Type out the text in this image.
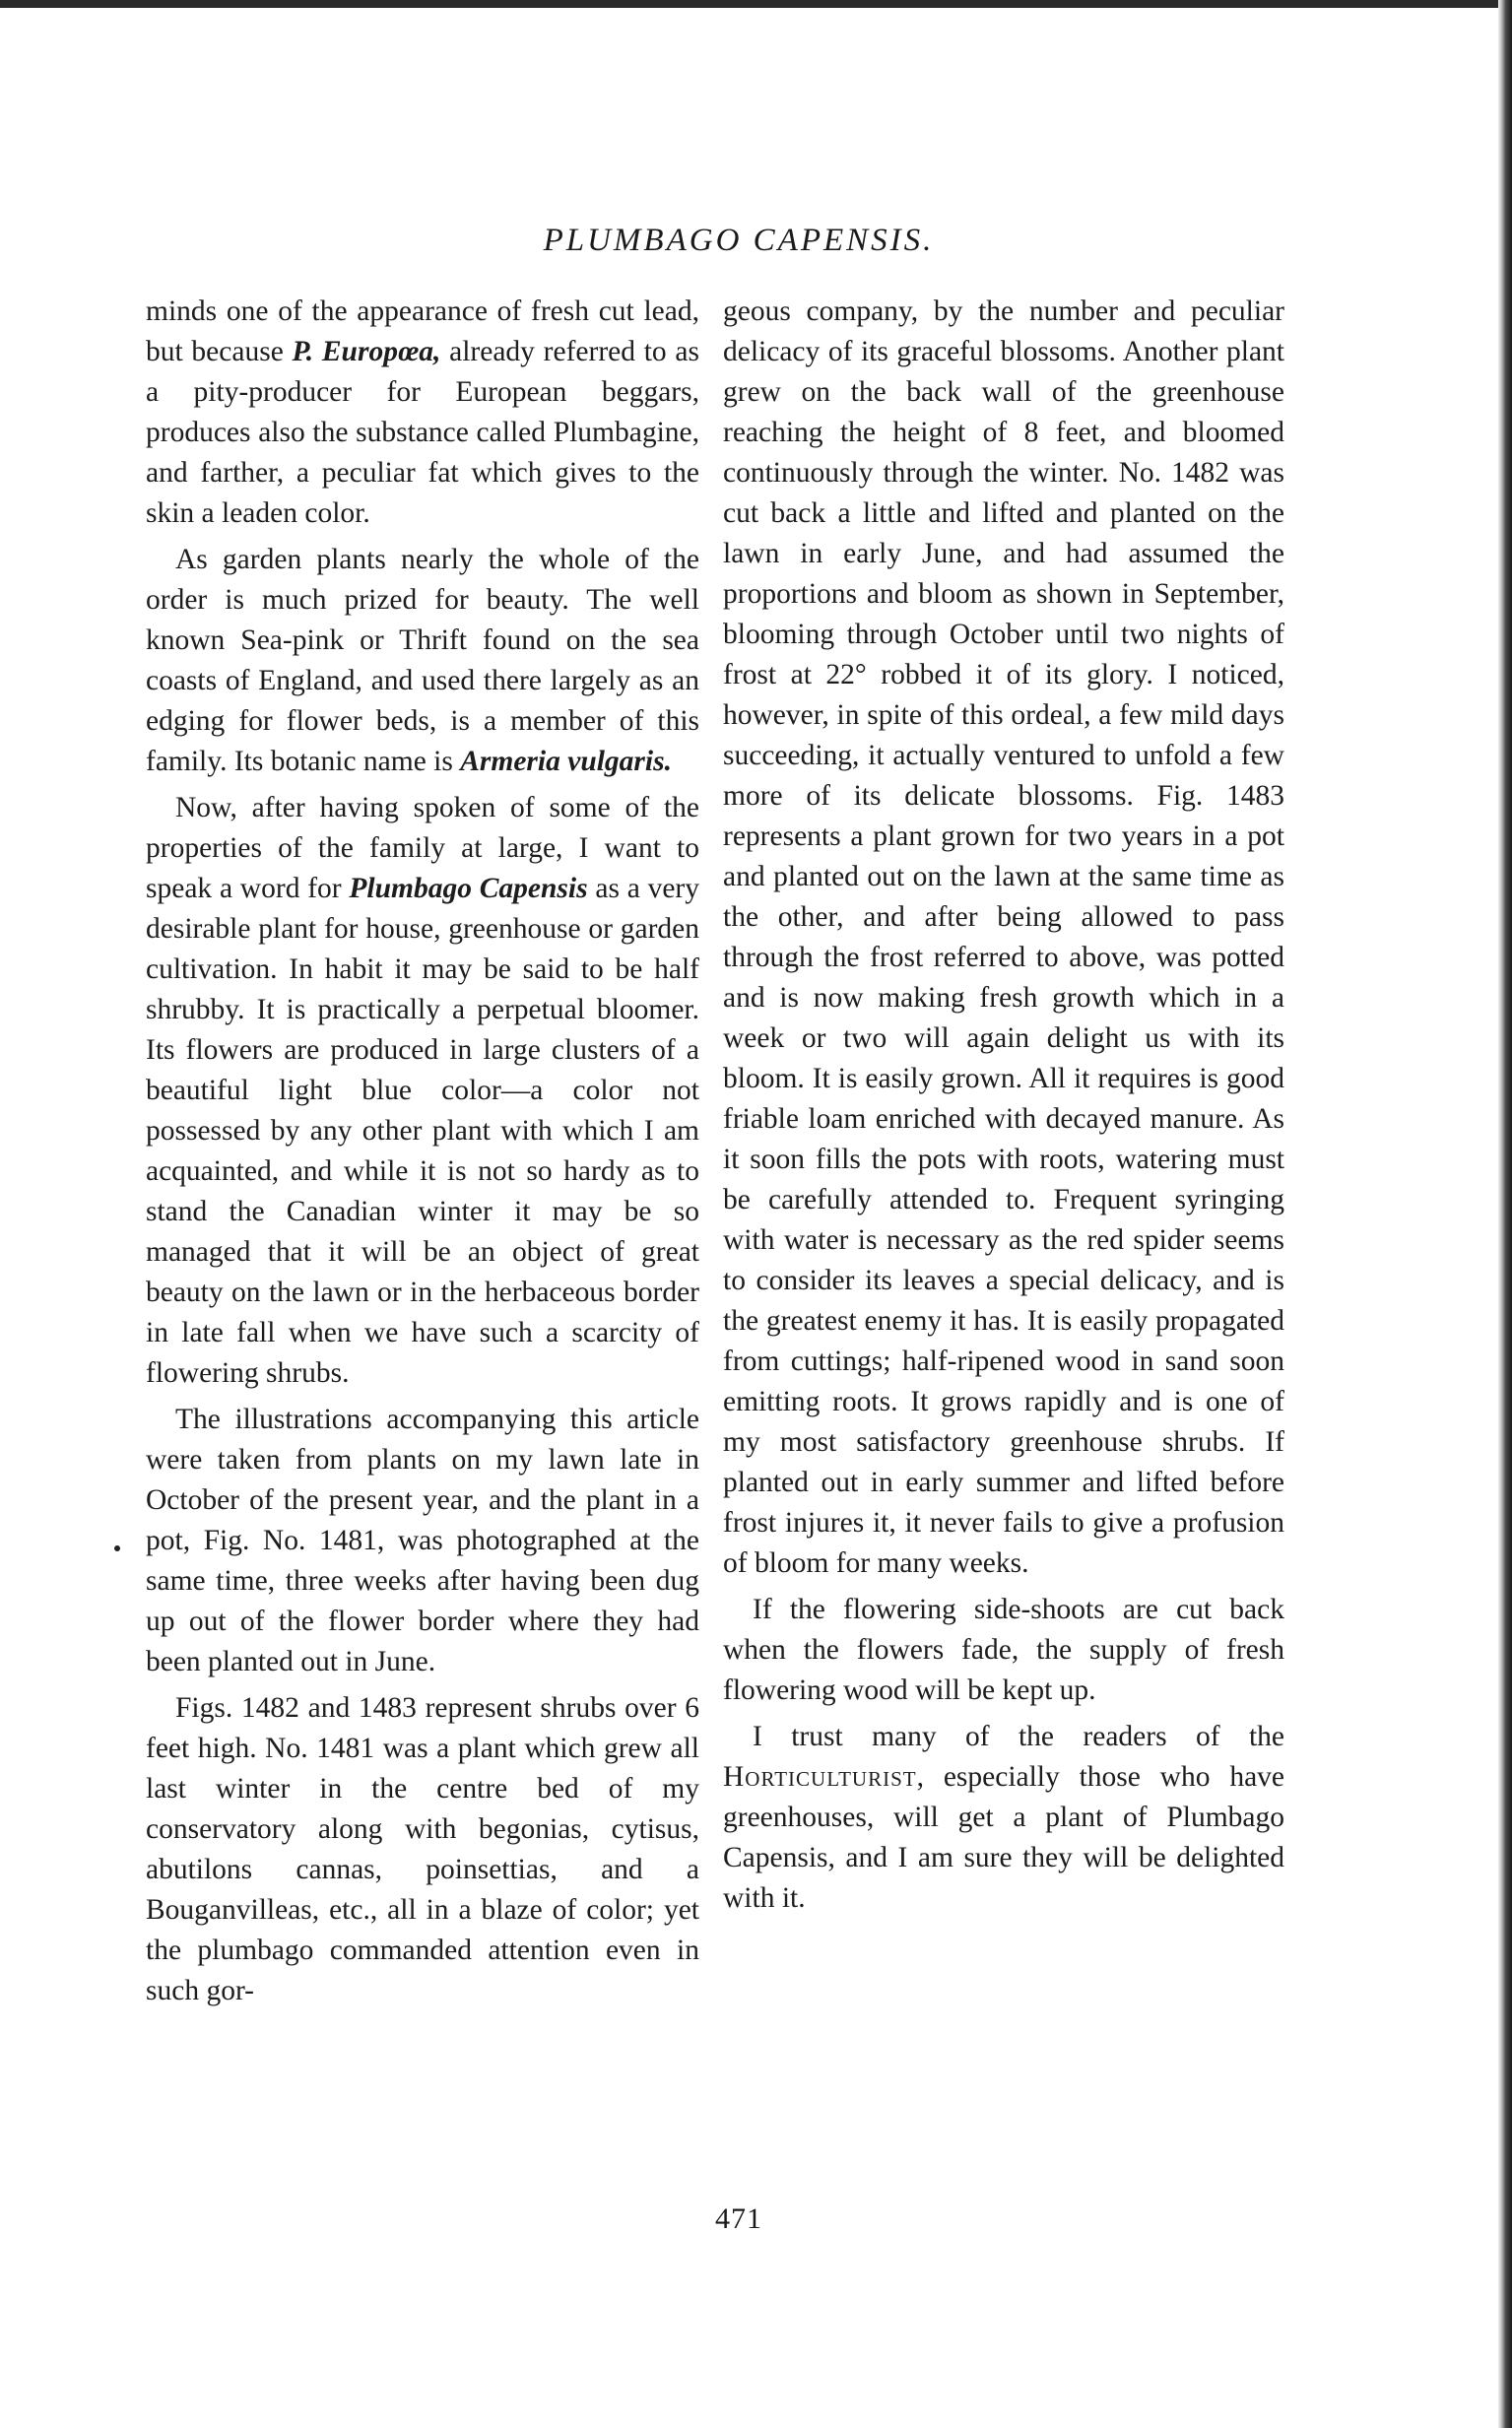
PLUMBAGO CAPENSIS.

minds one of the appearance of fresh cut lead, but because P. Europœa, already referred to as a pity-producer for European beggars, produces also the substance called Plumbagine, and farther, a peculiar fat which gives to the skin a leaden color.

As garden plants nearly the whole of the order is much prized for beauty. The well known Sea-pink or Thrift found on the sea coasts of England, and used there largely as an edging for flower beds, is a member of this family. Its botanic name is Armeria vulgaris.

Now, after having spoken of some of the properties of the family at large, I want to speak a word for Plumbago Capensis as a very desirable plant for house, greenhouse or garden cultivation. In habit it may be said to be half shrubby. It is practically a perpetual bloomer. Its flowers are produced in large clusters of a beautiful light blue color—a color not possessed by any other plant with which I am acquainted, and while it is not so hardy as to stand the Canadian winter it may be so managed that it will be an object of great beauty on the lawn or in the herbaceous border in late fall when we have such a scarcity of flowering shrubs.

The illustrations accompanying this article were taken from plants on my lawn late in October of the present year, and the plant in a pot, Fig. No. 1481, was photographed at the same time, three weeks after having been dug up out of the flower border where they had been planted out in June.

Figs. 1482 and 1483 represent shrubs over 6 feet high. No. 1481 was a plant which grew all last winter in the centre bed of my conservatory along with begonias, cytisus, abutilons cannas, poinsettias, and a Bouganvilleas, etc., all in a blaze of color; yet the plumbago commanded attention even in such gor-

geous company, by the number and peculiar delicacy of its graceful blossoms. Another plant grew on the back wall of the greenhouse reaching the height of 8 feet, and bloomed continuously through the winter. No. 1482 was cut back a little and lifted and planted on the lawn in early June, and had assumed the proportions and bloom as shown in September, blooming through October until two nights of frost at 22° robbed it of its glory. I noticed, however, in spite of this ordeal, a few mild days succeeding, it actually ventured to unfold a few more of its delicate blossoms. Fig. 1483 represents a plant grown for two years in a pot and planted out on the lawn at the same time as the other, and after being allowed to pass through the frost referred to above, was potted and is now making fresh growth which in a week or two will again delight us with its bloom. It is easily grown. All it requires is good friable loam enriched with decayed manure. As it soon fills the pots with roots, watering must be carefully attended to. Frequent syringing with water is necessary as the red spider seems to consider its leaves a special delicacy, and is the greatest enemy it has. It is easily propagated from cuttings; half-ripened wood in sand soon emitting roots. It grows rapidly and is one of my most satisfactory greenhouse shrubs. If planted out in early summer and lifted before frost injures it, it never fails to give a profusion of bloom for many weeks.

If the flowering side-shoots are cut back when the flowers fade, the supply of fresh flowering wood will be kept up.

I trust many of the readers of the Horticulturist, especially those who have greenhouses, will get a plant of Plumbago Capensis, and I am sure they will be delighted with it.

471
